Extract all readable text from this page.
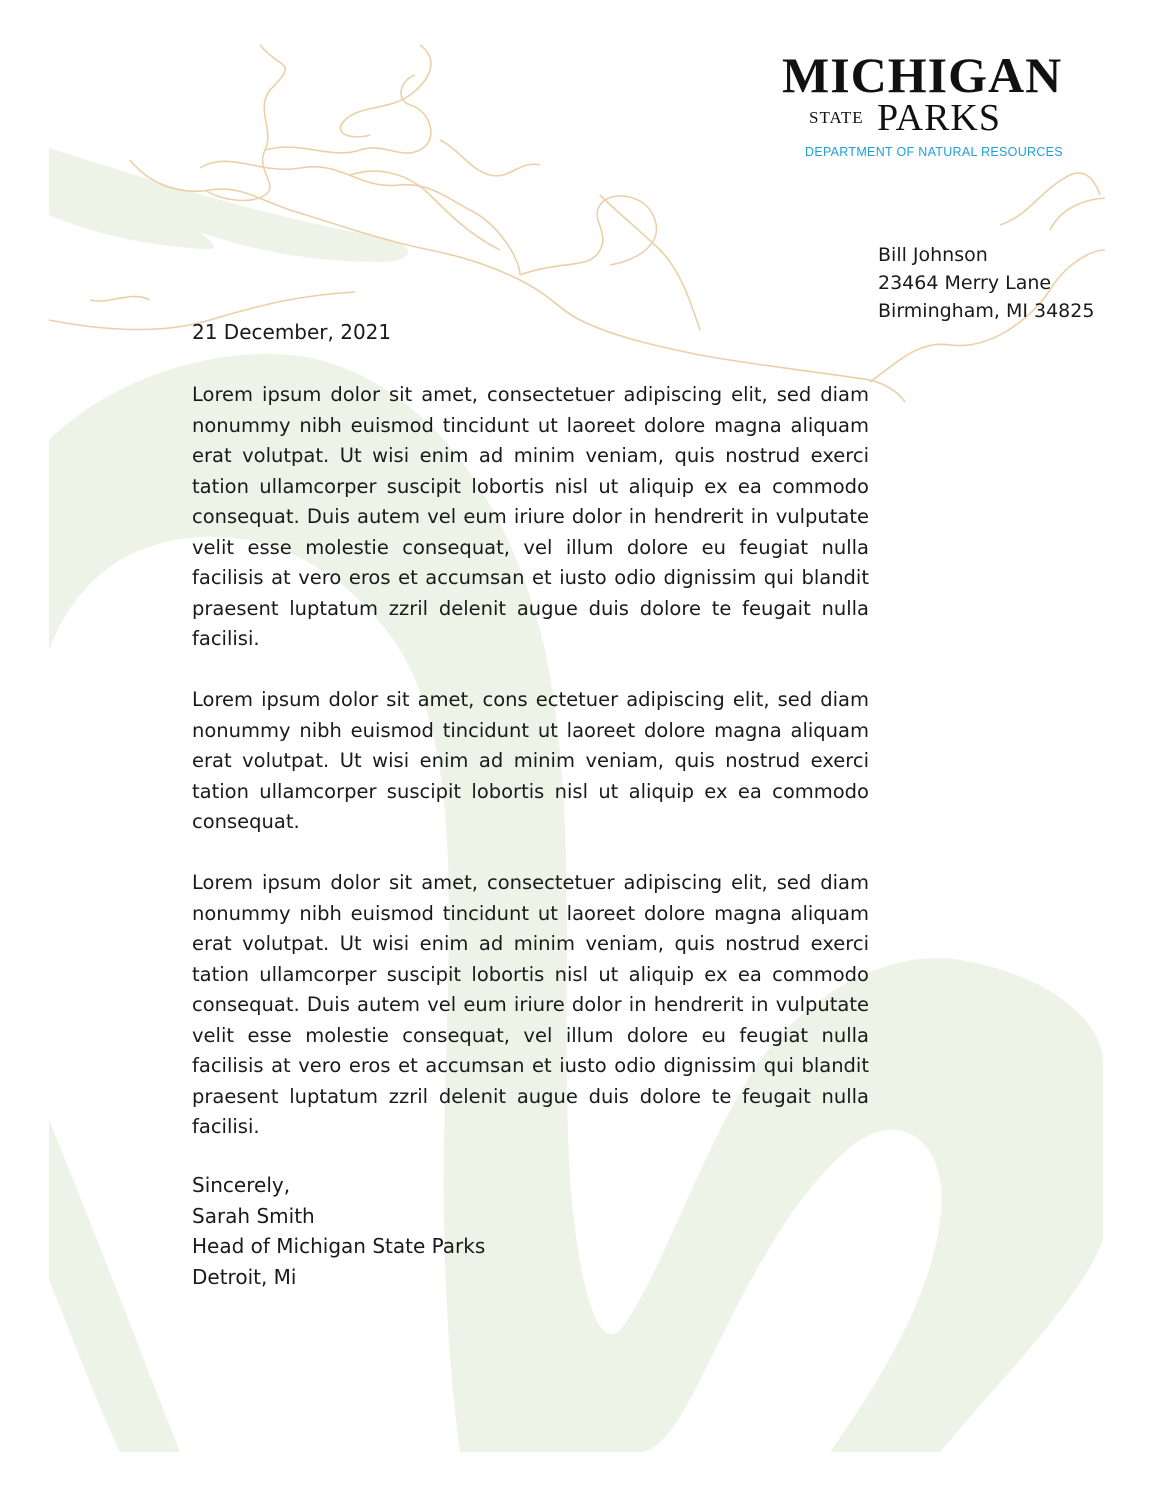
MICHIGAN
STATE PARKS
DEPARTMENT OF NATURAL RESOURCES
Bill Johnson
23464 Merry Lane
Birmingham, MI 34825
21 December, 2021

Lorem ipsum dolor sit amet, consectetuer adipiscing elit, sed diam nonummy nibh euismod tincidunt ut laoreet dolore magna aliquam erat volutpat. Ut wisi enim ad minim veniam, quis nostrud exerci tation ullamcorper suscipit lobortis nisl ut aliquip ex ea commodo consequat. Duis autem vel eum iriure dolor in hendrerit in vulputate velit esse molestie consequat, vel illum dolore eu feugiat nulla facilisis at vero eros et accumsan et iusto odio dignissim qui blandit praesent luptatum zzril delenit augue duis dolore te feugait nulla facilisi.

Lorem ipsum dolor sit amet, cons ectetuer adipiscing elit, sed diam nonummy nibh euismod tincidunt ut laoreet dolore magna aliquam erat volutpat. Ut wisi enim ad minim veniam, quis nostrud exerci tation ullamcorper suscipit lobortis nisl ut aliquip ex ea commodo consequat.

Lorem ipsum dolor sit amet, consectetuer adipiscing elit, sed diam nonummy nibh euismod tincidunt ut laoreet dolore magna aliquam erat volutpat. Ut wisi enim ad minim veniam, quis nostrud exerci tation ullamcorper suscipit lobortis nisl ut aliquip ex ea commodo consequat. Duis autem vel eum iriure dolor in hendrerit in vulputate velit esse molestie consequat, vel illum dolore eu feugiat nulla facilisis at vero eros et accumsan et iusto odio dignissim qui blandit praesent luptatum zzril delenit augue duis dolore te feugait nulla facilisi.

Sincerely,
Sarah Smith
Head of Michigan State Parks
Detroit, Mi
